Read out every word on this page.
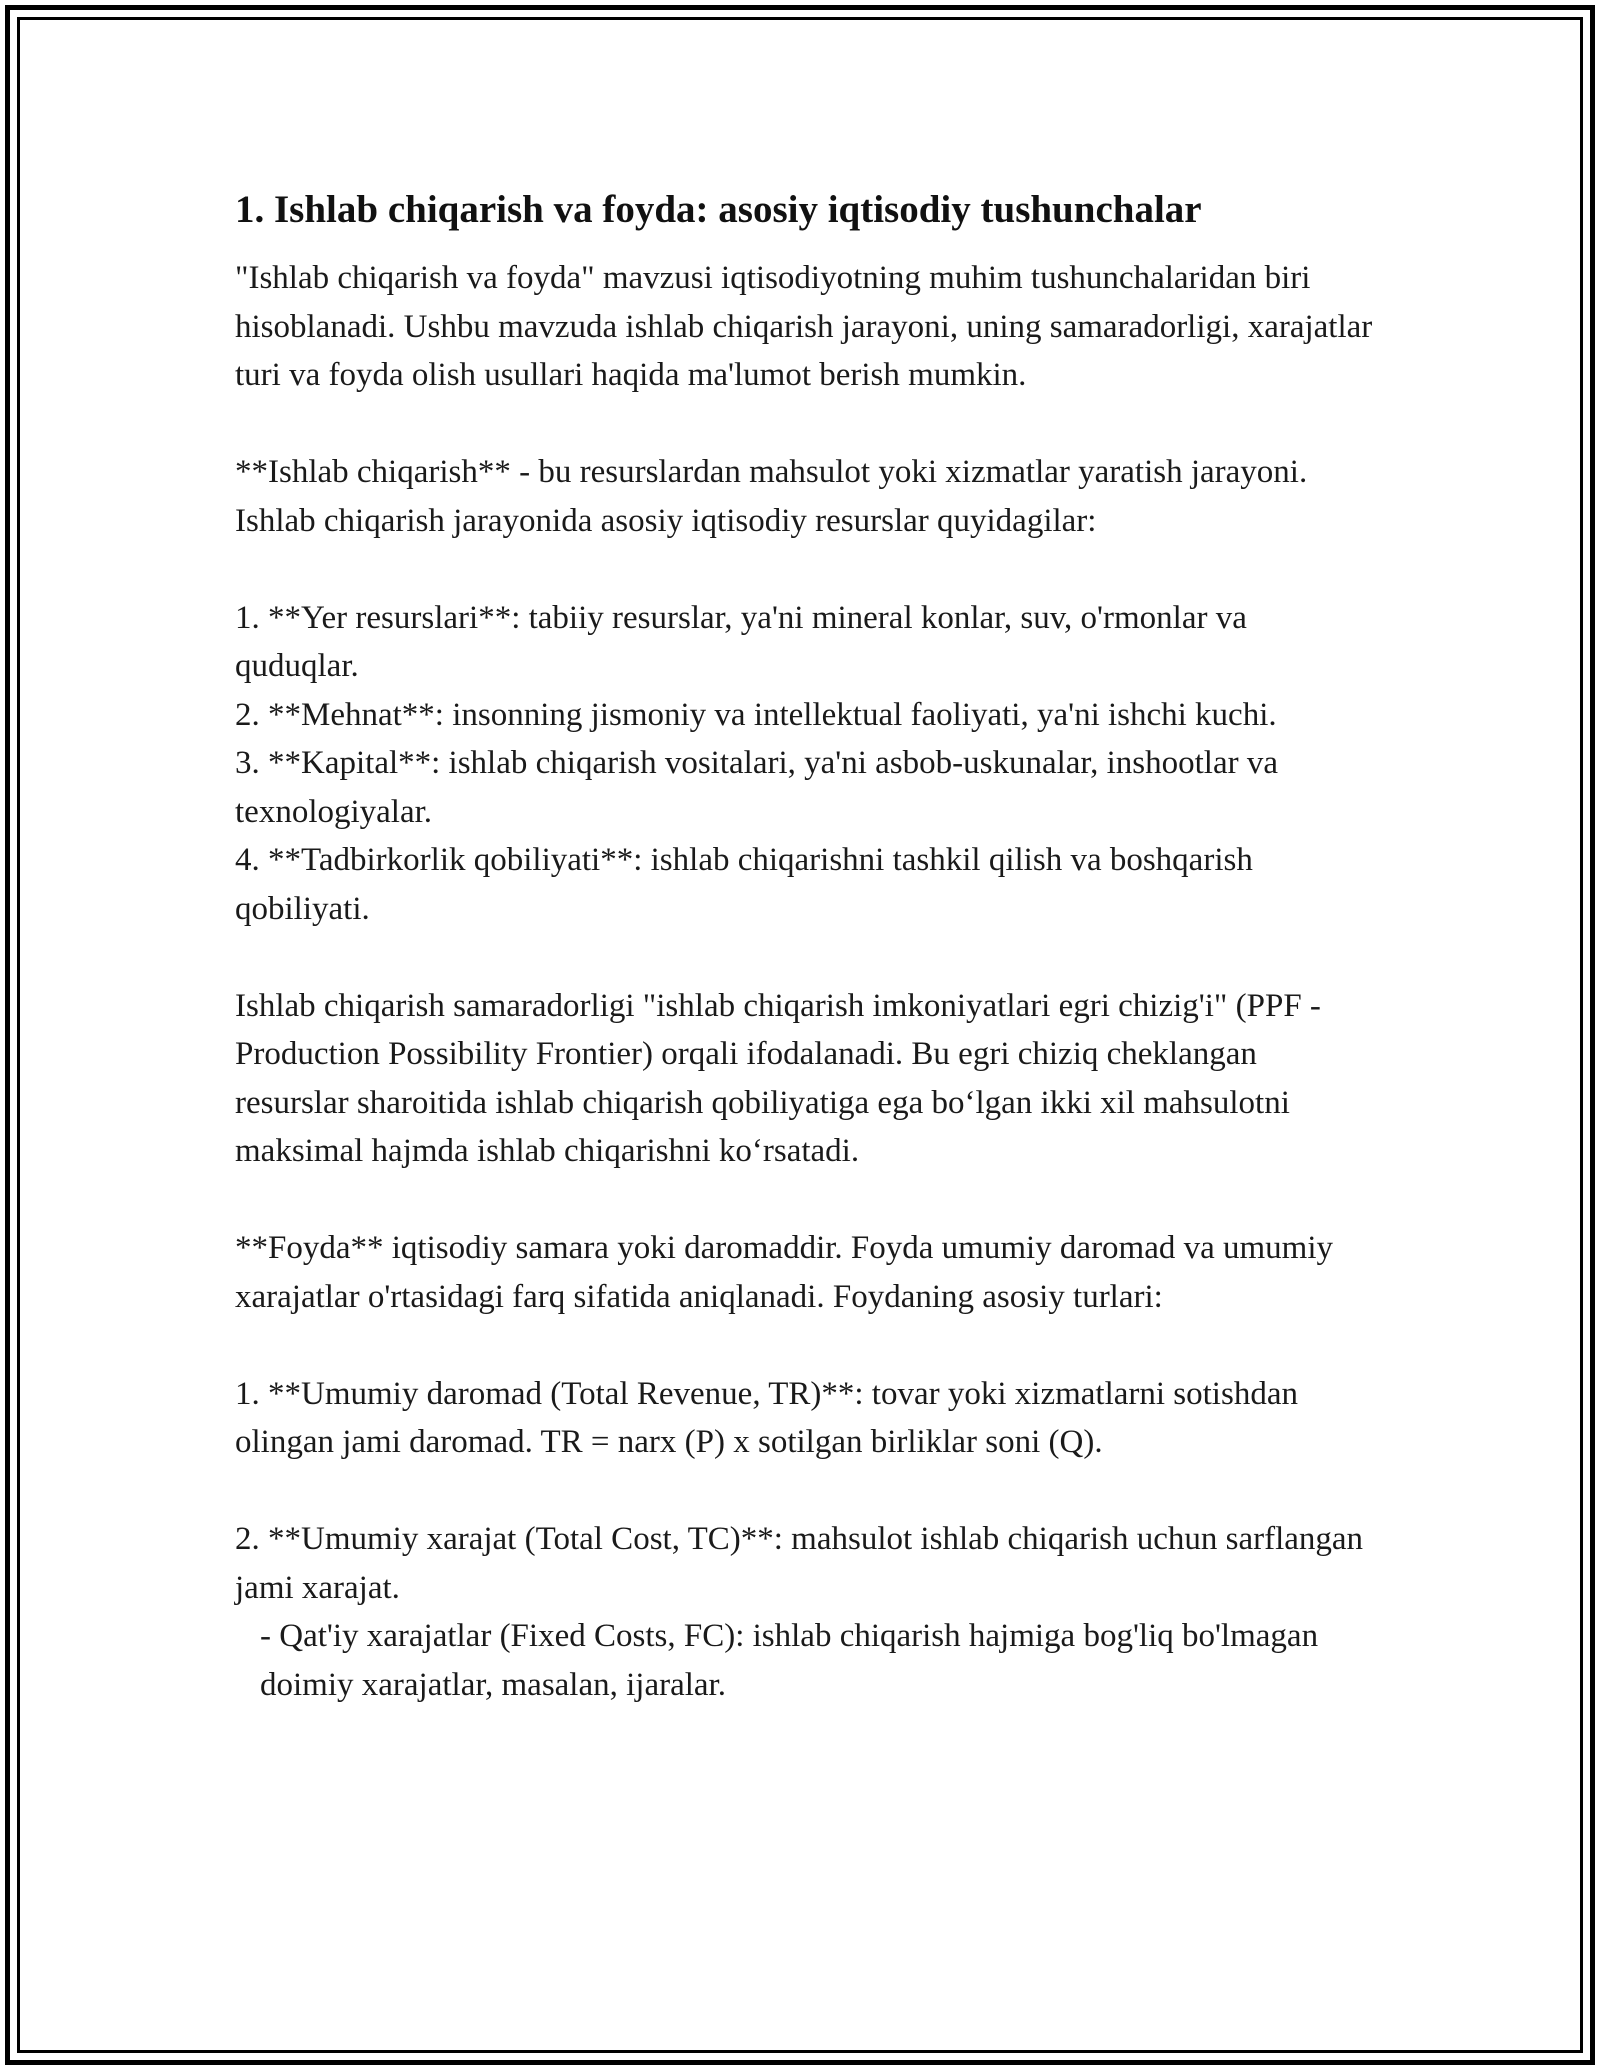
1. Ishlab chiqarish va foyda: asosiy iqtisodiy tushunchalar

"Ishlab chiqarish va foyda" mavzusi iqtisodiyotning muhim tushunchalaridan biri hisoblanadi. Ushbu mavzuda ishlab chiqarish jarayoni, uning samaradorligi, xarajatlar turi va foyda olish usullari haqida ma'lumot berish mumkin.

**Ishlab chiqarish** - bu resurslardan mahsulot yoki xizmatlar yaratish jarayoni. Ishlab chiqarish jarayonida asosiy iqtisodiy resurslar quyidagilar:

1. **Yer resurslari**: tabiiy resurslar, ya'ni mineral konlar, suv, o'rmonlar va quduqlar.

2. **Mehnat**: insonning jismoniy va intellektual faoliyati, ya'ni ishchi kuchi.

3. **Kapital**: ishlab chiqarish vositalari, ya'ni asbob-uskunalar, inshootlar va texnologiyalar.

4. **Tadbirkorlik qobiliyati**: ishlab chiqarishni tashkil qilish va boshqarish qobiliyati.

Ishlab chiqarish samaradorligi "ishlab chiqarish imkoniyatlari egri chizig'i" (PPF - Production Possibility Frontier) orqali ifodalanadi. Bu egri chiziq cheklangan resurslar sharoitida ishlab chiqarish qobiliyatiga ega bo‘lgan ikki xil mahsulotni maksimal hajmda ishlab chiqarishni ko‘rsatadi.

**Foyda** iqtisodiy samara yoki daromaddir. Foyda umumiy daromad va umumiy xarajatlar o'rtasidagi farq sifatida aniqlanadi. Foydaning asosiy turlari:

1. **Umumiy daromad (Total Revenue, TR)**: tovar yoki xizmatlarni sotishdan olingan jami daromad. TR = narx (P) x sotilgan birliklar soni (Q).

2. **Umumiy xarajat (Total Cost, TC)**: mahsulot ishlab chiqarish uchun sarflangan jami xarajat.

- Qat'iy xarajatlar (Fixed Costs, FC): ishlab chiqarish hajmiga bog'liq bo'lmagan doimiy xarajatlar, masalan, ijaralar.
